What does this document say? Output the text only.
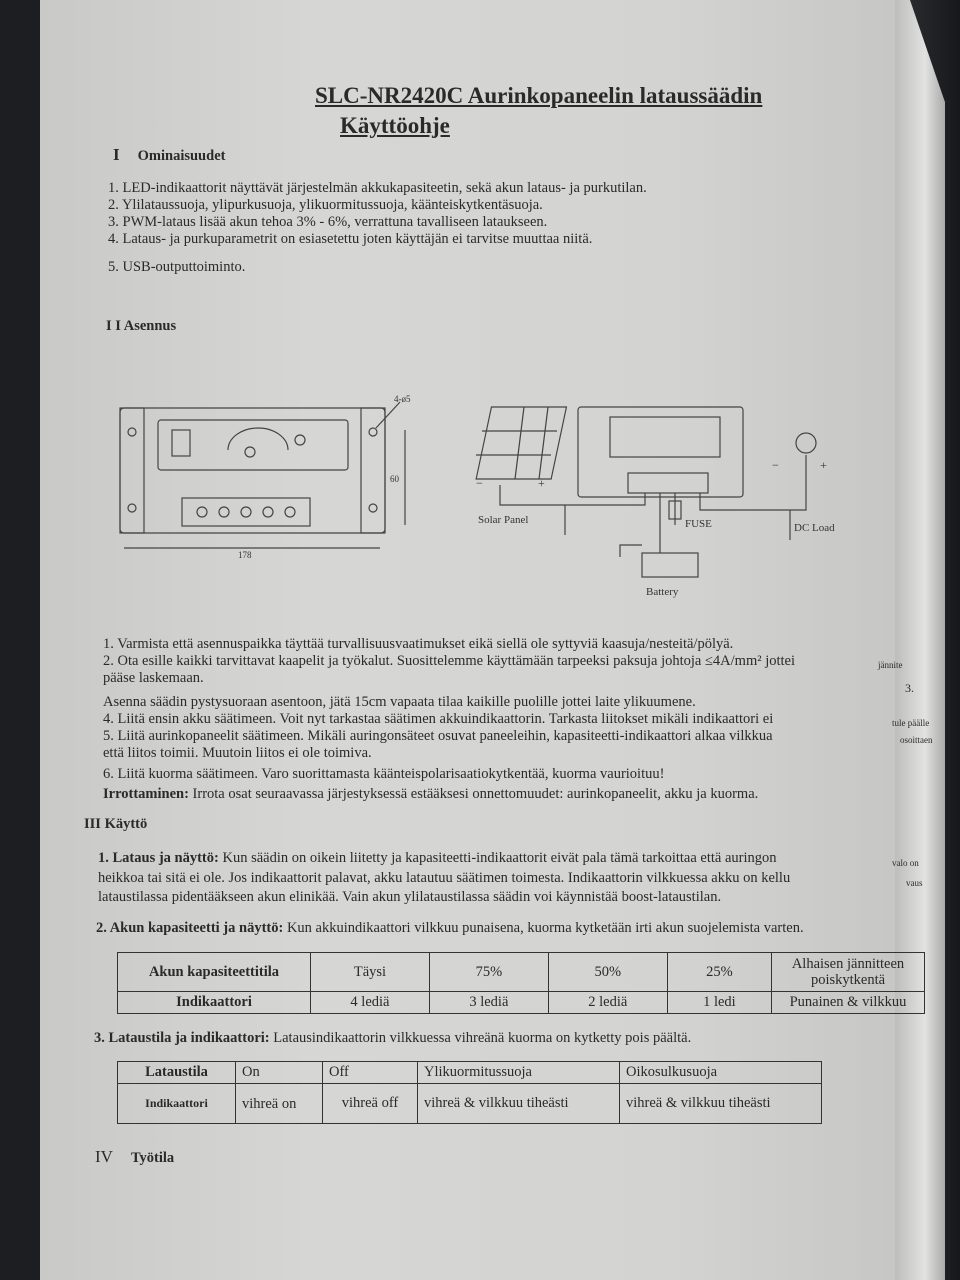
SLC-NR2420C Aurinkopaneelin lataussäädin
Käyttöohje
I Ominaisuudet
1. LED-indikaattorit näyttävät järjestelmän akkukapasiteetin, sekä akun lataus- ja purkutilan.
2. Ylilataussuoja, ylipurkusuoja, ylikuormitussuoja, käänteiskytkentäsuoja.
3. PWM-lataus lisää akun tehoa 3% - 6%, verrattuna tavalliseen lataukseen.
4. Lataus- ja purkuparametrit on esiasetettu joten käyttäjän ei tarvitse muuttaa niitä.
5. USB-outputtoiminto.
I I Asennus
178
60
4-ø5
−	+
−	+
Solar Panel	FUSE	DC Load
Battery
1. Varmista että asennuspaikka täyttää turvallisuusvaatimukset eikä siellä ole syttyviä kaasuja/nesteitä/pölyä.
2. Ota esille kaikki tarvittavat kaapelit ja työkalut. Suosittelemme käyttämään tarpeeksi paksuja johtoja ≤4A/mm² jottei	jännite
pääse laskemaan.
3.
Asenna säädin pystysuoraan asentoon, jätä 15cm vapaata tilaa kaikille puolille jottei laite ylikuumene.
4. Liitä ensin akku säätimeen. Voit nyt tarkastaa säätimen akkuindikaattorin. Tarkasta liitokset mikäli indikaattori ei	tule päälle
5. Liitä aurinkopaneelit säätimeen. Mikäli auringonsäteet osuvat paneeleihin, kapasiteetti-indikaattori alkaa vilkkua	osoittaen
että liitos toimii. Muutoin liitos ei ole toimiva.
6. Liitä kuorma säätimeen. Varo suorittamasta käänteispolarisaatiokytkentää, kuorma vaurioituu!
Irrottaminen: Irrota osat seuraavassa järjestyksessä estääksesi onnettomuudet: aurinkopaneelit, akku ja kuorma.
III Käyttö
1. Lataus ja näyttö: Kun säädin on oikein liitetty ja kapasiteetti-indikaattorit eivät pala tämä tarkoittaa että auringon	valo on
heikkoa tai sitä ei ole. Jos indikaattorit palavat, akku latautuu säätimen toimesta. Indikaattorin vilkkuessa akku on kellu	vaus
lataustilassa pidentääkseen akun elinikää. Vain akun ylilataustilassa säädin voi käynnistää boost-lataustilan.
2. Akun kapasiteetti ja näyttö: Kun akkuindikaattori vilkkuu punaisena, kuorma kytketään irti akun suojelemista varten.
Akun kapasiteettitila	Täysi	75%	50%	25%	Alhaisen jännitteen poiskytkentä
Indikaattori	4 lediä	3 lediä	2 lediä	1 ledi	Punainen & vilkkuu
3. Lataustila ja indikaattori: Latausindikaattorin vilkkuessa vihreänä kuorma on kytketty pois päältä.
Lataustila	On	Off	Ylikuormitussuoja	Oikosulkusuoja
Indikaattori	vihreä on	vihreä off	vihreä & vilkkuu tiheästi	vihreä & vilkkuu tiheästi
IV Työtila
